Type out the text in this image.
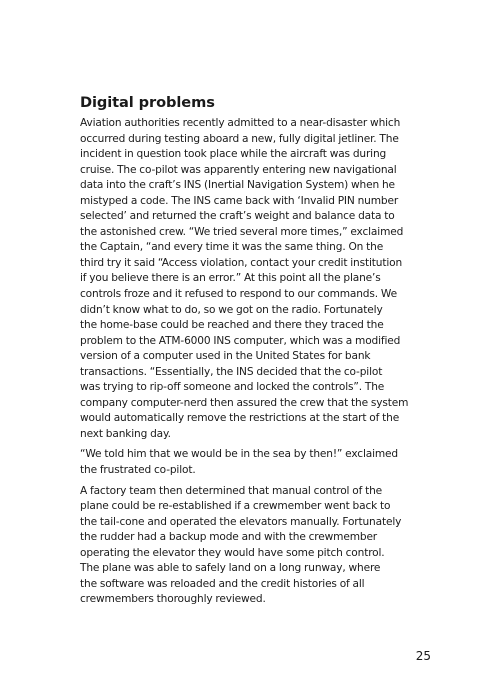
Digital problems

Aviation authorities recently admitted to a near-disaster which
occurred during testing aboard a new, fully digital jetliner. The
incident in question took place while the aircraft was during
cruise. The co-pilot was apparently entering new navigational
data into the craft’s INS (Inertial Navigation System) when he
mistyped a code. The INS came back with ‘Invalid PIN number
selected’ and returned the craft’s weight and balance data to
the astonished crew. “We tried several more times,” exclaimed
the Captain, “and every time it was the same thing. On the
third try it said “Access violation, contact your credit institution
if you believe there is an error.” At this point all the plane’s
controls froze and it refused to respond to our commands. We
didn’t know what to do, so we got on the radio. Fortunately
the home-base could be reached and there they traced the
problem to the ATM-6000 INS computer, which was a modified
version of a computer used in the United States for bank
transactions. “Essentially, the INS decided that the co-pilot
was trying to rip-off someone and locked the controls”. The
company computer-nerd then assured the crew that the system
would automatically remove the restrictions at the start of the
next banking day.

“We told him that we would be in the sea by then!” exclaimed
the frustrated co-pilot.

A factory team then determined that manual control of the
plane could be re-established if a crewmember went back to
the tail-cone and operated the elevators manually. Fortunately
the rudder had a backup mode and with the crewmember
operating the elevator they would have some pitch control.
The plane was able to safely land on a long runway, where
the software was reloaded and the credit histories of all
crewmembers thoroughly reviewed.

25
